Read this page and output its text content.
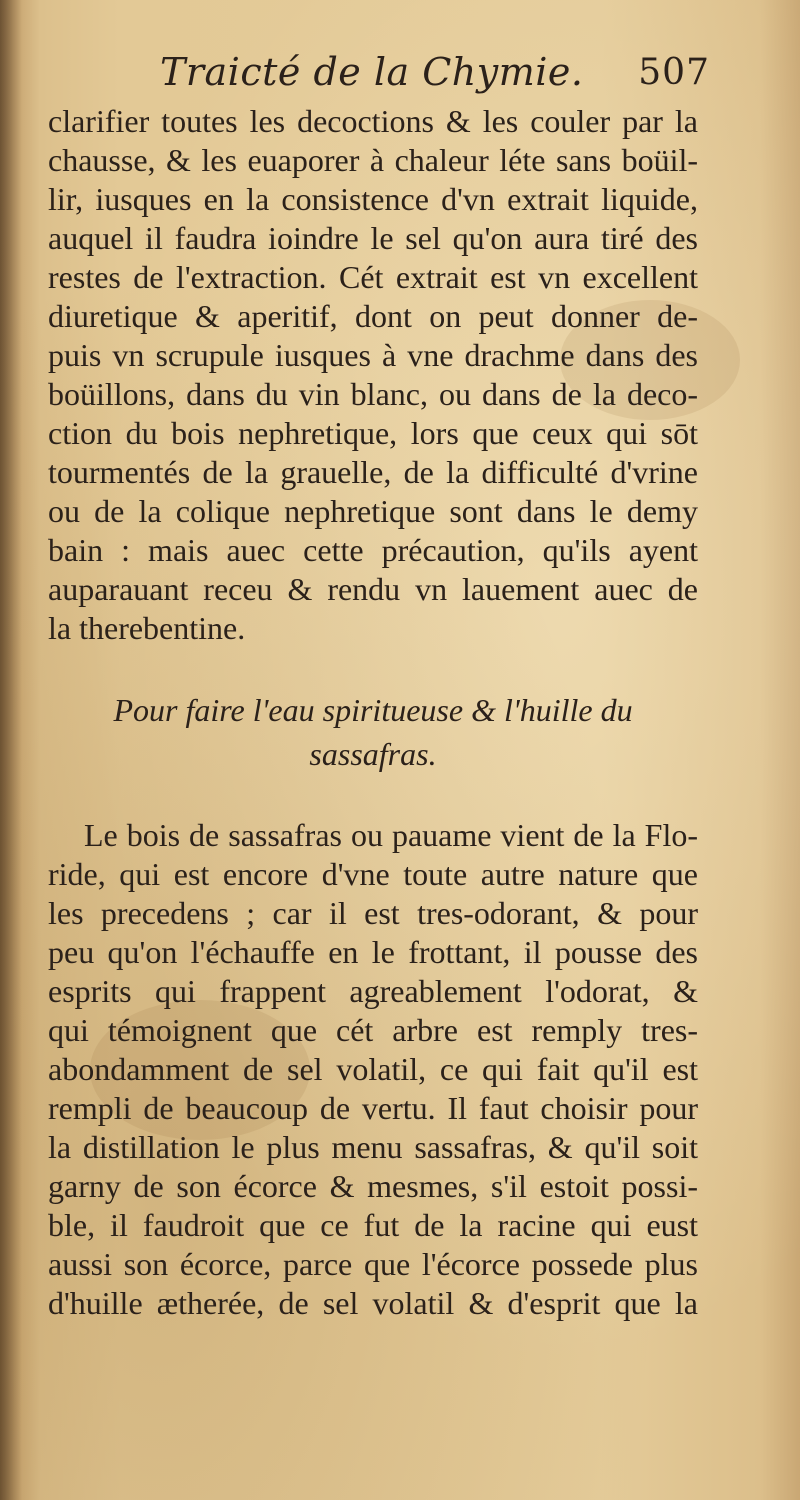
Traicté de la Chymie. 507
clarifier toutes les decoctions & les couler par la
chausse, & les euaporer à chaleur léte sans boüil-
lir, iusques en la consistence d'vn extrait liquide,
auquel il faudra ioindre le sel qu'on aura tiré des
restes de l'extraction. Cét extrait est vn excellent
diuretique & aperitif, dont on peut donner de-
puis vn scrupule iusques à vne drachme dans des
boüillons, dans du vin blanc, ou dans de la deco-
ction du bois nephretique, lors que ceux qui sōt
tourmentés de la grauelle, de la difficulté d'vrine
ou de la colique nephretique sont dans le demy
bain : mais auec cette précaution, qu'ils ayent
auparauant receu & rendu vn lauement auec de
la therebentine.
Pour faire l'eau spiritueuse & l'huille du
sassafras.
Le bois de sassafras ou pauame vient de la Flo-
ride, qui est encore d'vne toute autre nature que
les precedens ; car il est tres-odorant, & pour
peu qu'on l'échauffe en le frottant, il pousse des
esprits qui frappent agreablement l'odorat, &
qui témoignent que cét arbre est remply tres-
abondamment de sel volatil, ce qui fait qu'il est
rempli de beaucoup de vertu. Il faut choisir pour
la distillation le plus menu sassafras, & qu'il soit
garny de son écorce & mesmes, s'il estoit possi-
ble, il faudroit que ce fut de la racine qui eust
aussi son écorce, parce que l'écorce possede plus
d'huille ætherée, de sel volatil & d'esprit que la
